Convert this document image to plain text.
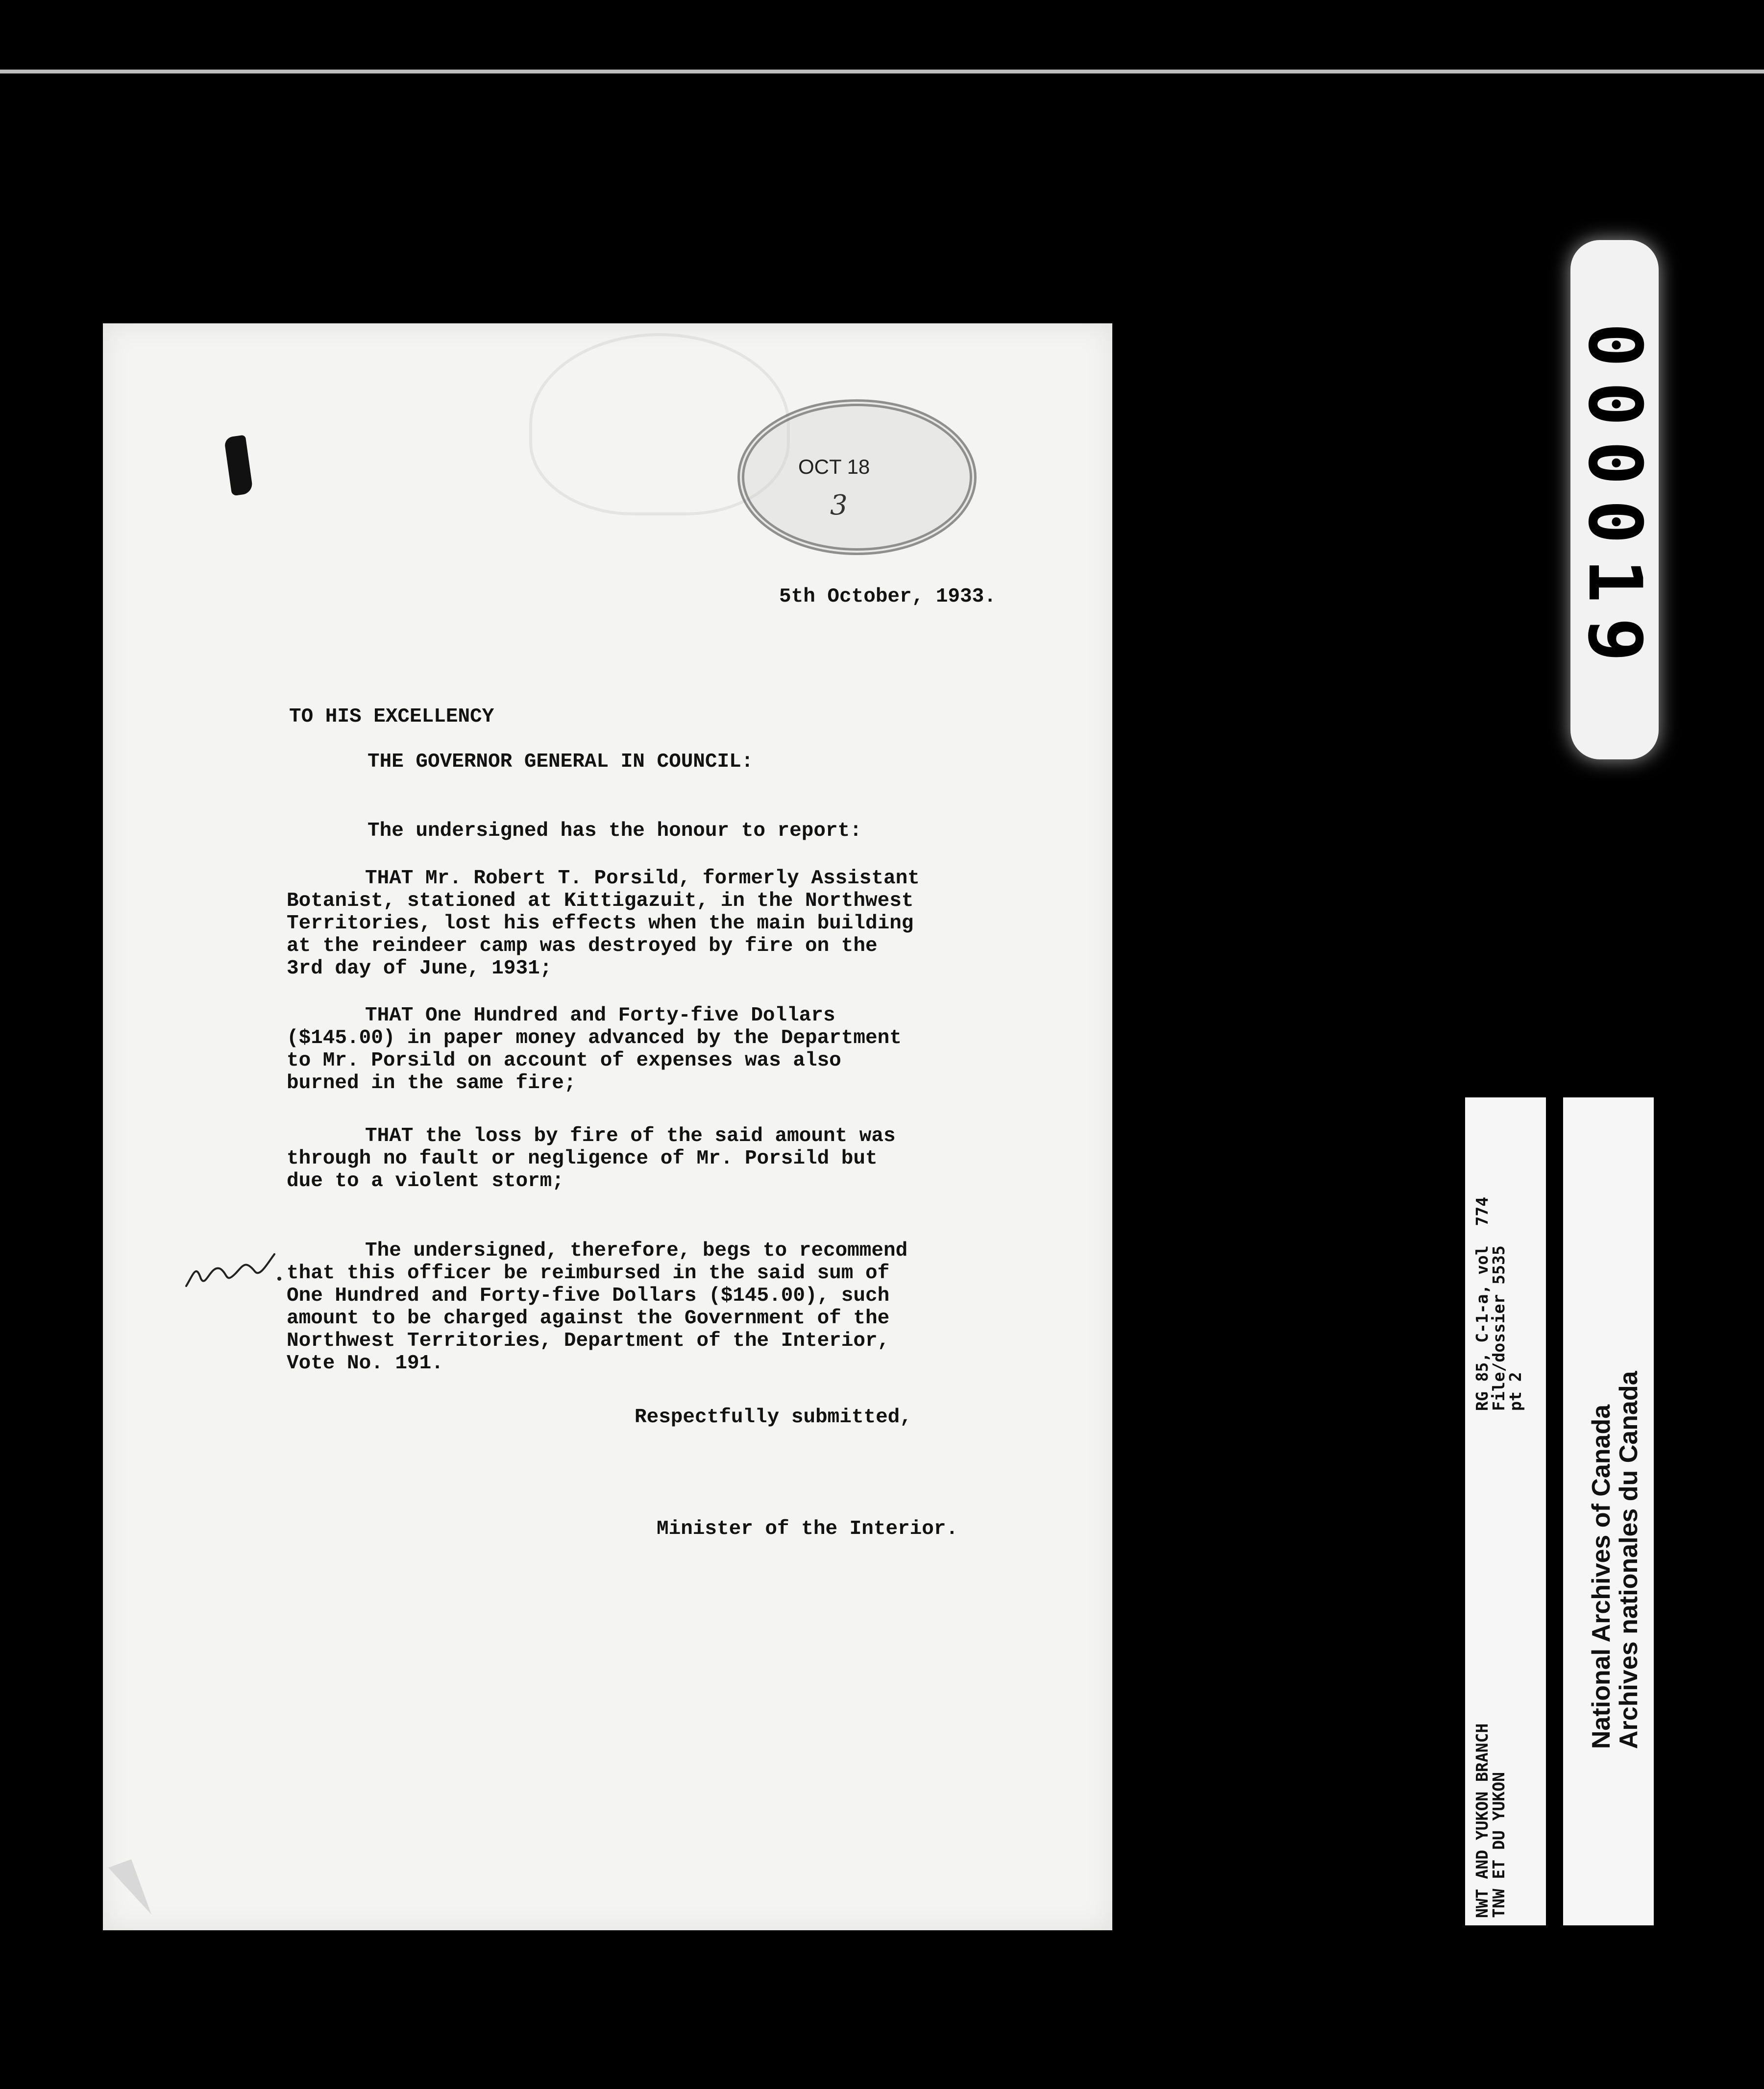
OCT 18
3
5th October, 1933.
TO HIS EXCELLENCY
THE GOVERNOR GENERAL IN COUNCIL:
The undersigned has the honour to report:
THAT Mr. Robert T. Porsild, formerly Assistant
Botanist, stationed at Kittigazuit, in the Northwest
Territories, lost his effects when the main building
at the reindeer camp was destroyed by fire on the
3rd day of June, 1931;
THAT One Hundred and Forty-five Dollars
($145.00) in paper money advanced by the Department
to Mr. Porsild on account of expenses was also
burned in the same fire;
THAT the loss by fire of the said amount was
through no fault or negligence of Mr. Porsild but
due to a violent storm;
The undersigned, therefore, begs to recommend
that this officer be reimbursed in the said sum of
One Hundred and Forty-five Dollars ($145.00), such
amount to be charged against the Government of the
Northwest Territories, Department of the Interior,
Vote No. 191.
Respectfully submitted,
Minister of the Interior.
000019
NWT AND YUKON BRANCH
TNW ET DU YUKON
RG 85, C-1-a, vol  774
File/dossier 5535
pt 2
National Archives of Canada
Archives nationales du Canada
